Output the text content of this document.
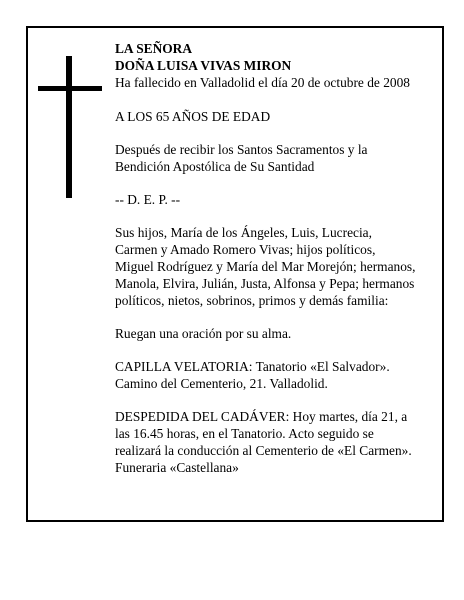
LA SEÑORA
DOÑA LUISA VIVAS MIRON
Ha fallecido en Valladolid el día 20 de octubre de 2008

A LOS 65 AÑOS DE EDAD

Después de recibir los Santos Sacramentos y la
Bendición Apostólica de Su Santidad

-- D. E. P. --

Sus hijos, María de los Ángeles, Luis, Lucrecia,
Carmen y Amado Romero Vivas; hijos políticos,
Miguel Rodríguez y María del Mar Morejón; hermanos,
Manola, Elvira, Julián, Justa, Alfonsa y Pepa; hermanos
políticos, nietos, sobrinos, primos y demás familia:

Ruegan una oración por su alma.

CAPILLA VELATORIA: Tanatorio «El Salvador».
Camino del Cementerio, 21. Valladolid.

DESPEDIDA DEL CADÁVER: Hoy martes, día 21, a
las 16.45 horas, en el Tanatorio. Acto seguido se
realizará la conducción al Cementerio de «El Carmen».
Funeraria «Castellana»
